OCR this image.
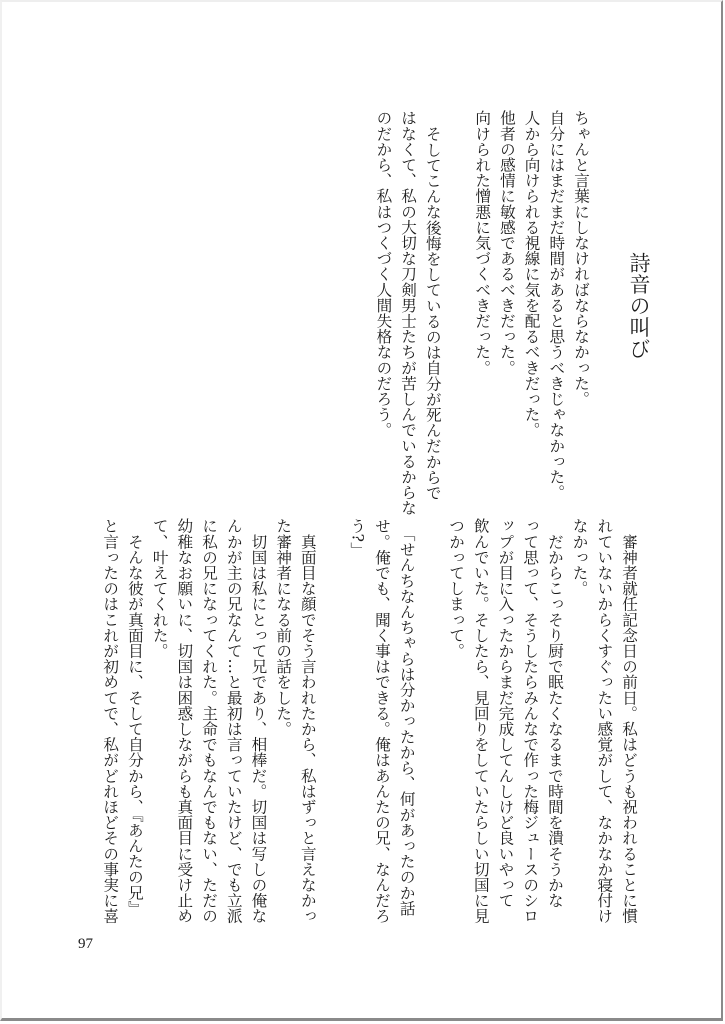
詩音の叫び

ちゃんと言葉にしなければならなかった。

自分にはまだまだ時間があると思うべきじゃなかった。

人から向けられる視線に気を配るべきだった。

他者の感情に敏感であるべきだった。

向けられた憎悪に気づくべきだった。

そしてこんな後悔をしているのは自分が死んだからで

はなくて、私の大切な刀剣男士たちが苦しんでいるからな

のだから、私はつくづく人間失格なのだろう。

　審神者就任記念日の前日。私はどうも祝われることに慣

れていないからくすぐったい感覚がして、なかなか寝付け

なかった。

　だからこっそり厨で眠たくなるまで時間を潰そうかな

って思って、そうしたらみんなで作った梅ジュースのシロ

ップが目に入ったからまだ完成してんしけど良いやって

飲んでいた。そしたら、見回りをしていたらしい切国に見

つかってしまって。

　「せんちなんちゃらは分かったから、何があったのか話

せ。俺でも、聞く事はできる。俺はあんたの兄、なんだろ

う?」

　真面目な顔でそう言われたから、私はずっと言えなかっ

た審神者になる前の話をした。

　切国は私にとって兄であり、相棒だ。切国は写しの俺な

んかが主の兄なんて…と最初は言っていたけど、でも立派

に私の兄になってくれた。主命でもなんでもない、ただの

幼稚なお願いに、切国は困惑しながらも真面目に受け止め

て、叶えてくれた。

　そんな彼が真面目に、そして自分から、『あんたの兄』

と言ったのはこれが初めてで、私がどれほどその事実に喜

97
